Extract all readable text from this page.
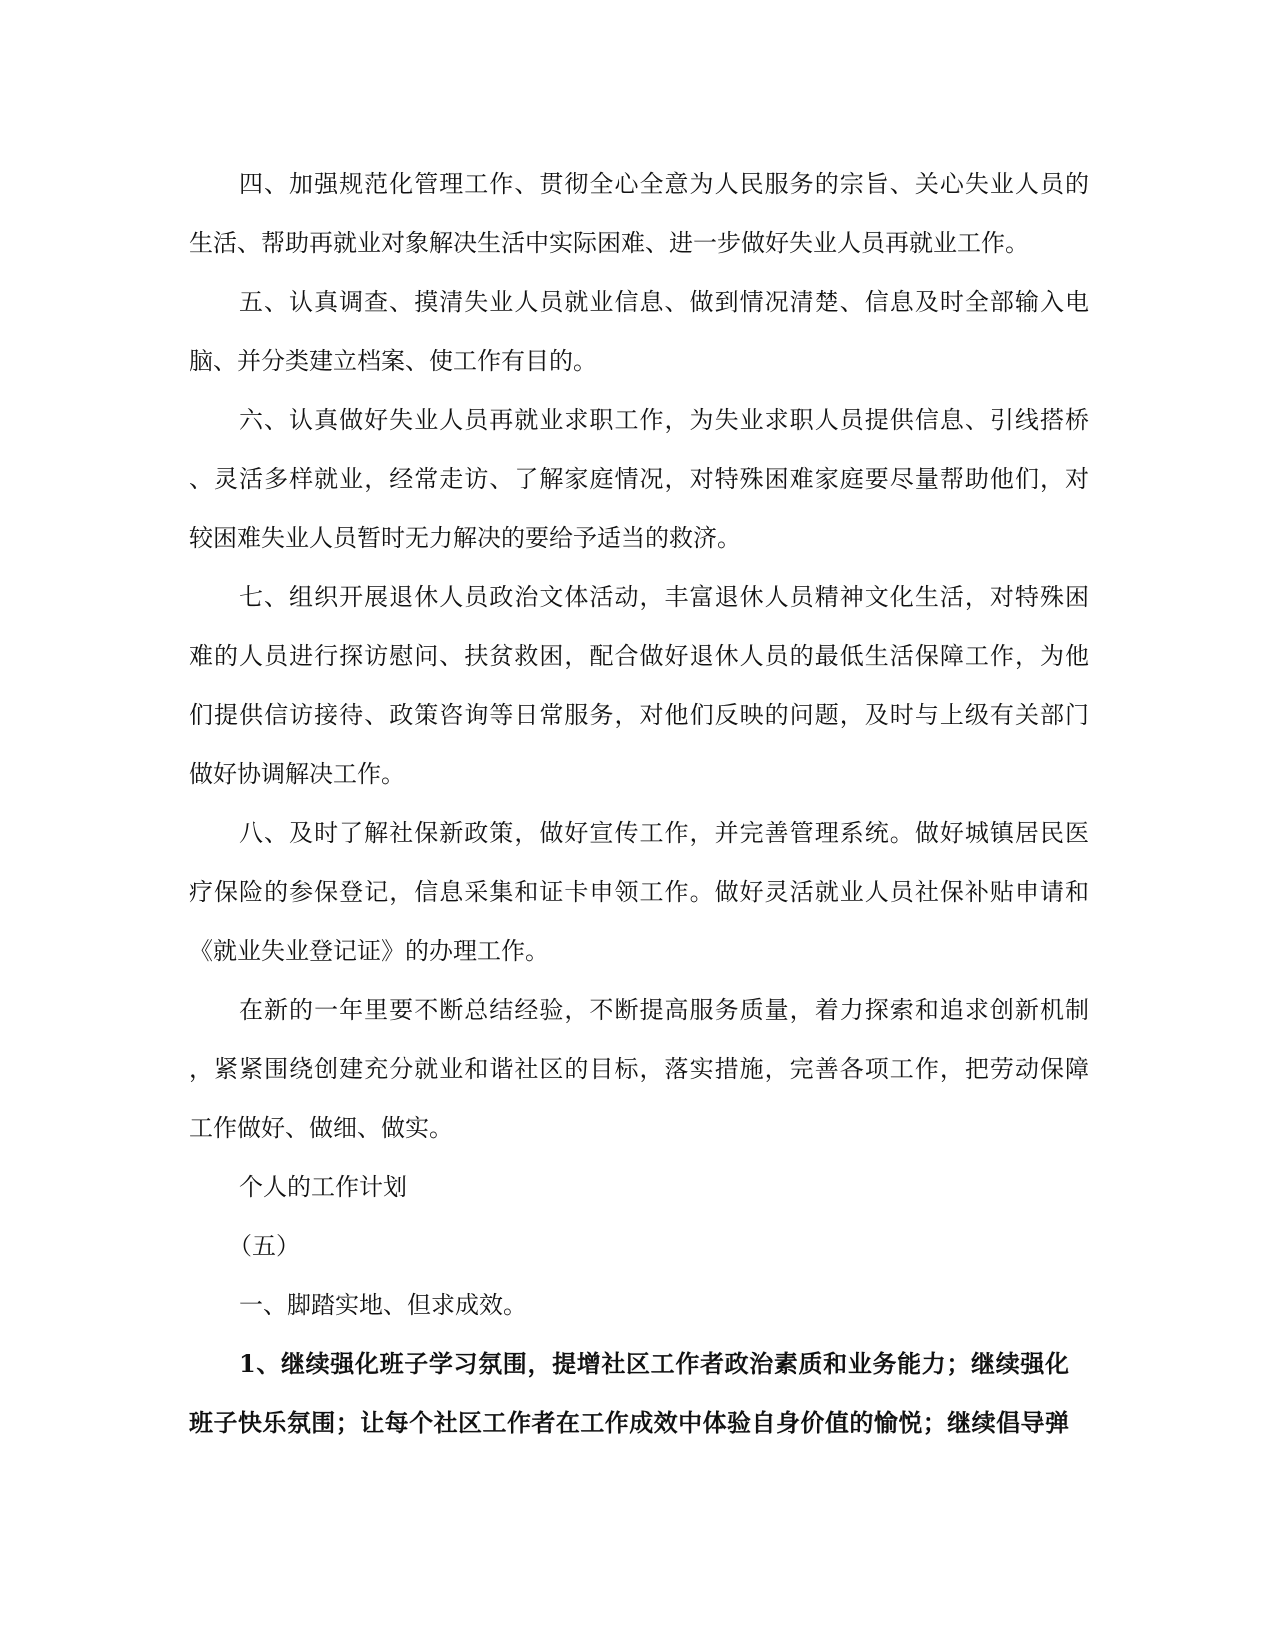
四、加强规范化管理工作、贯彻全心全意为人民服务的宗旨、关心失业人员的
生活、帮助再就业对象解决生活中实际困难、进一步做好失业人员再就业工作。
五、认真调查、摸清失业人员就业信息、做到情况清楚、信息及时全部输入电
脑、并分类建立档案、使工作有目的。
六、认真做好失业人员再就业求职工作，为失业求职人员提供信息、引线搭桥
、灵活多样就业，经常走访、了解家庭情况，对特殊困难家庭要尽量帮助他们，对
较困难失业人员暂时无力解决的要给予适当的救济。
七、组织开展退休人员政治文体活动，丰富退休人员精神文化生活，对特殊困
难的人员进行探访慰问、扶贫救困，配合做好退休人员的最低生活保障工作，为他
们提供信访接待、政策咨询等日常服务，对他们反映的问题，及时与上级有关部门
做好协调解决工作。
八、及时了解社保新政策，做好宣传工作，并完善管理系统。做好城镇居民医
疗保险的参保登记，信息采集和证卡申领工作。做好灵活就业人员社保补贴申请和
《就业失业登记证》的办理工作。
在新的一年里要不断总结经验，不断提高服务质量，着力探索和追求创新机制
，紧紧围绕创建充分就业和谐社区的目标，落实措施，完善各项工作，把劳动保障
工作做好、做细、做实。
个人的工作计划
（五）
一、脚踏实地、但求成效。
1、继续强化班子学习氛围，提增社区工作者政治素质和业务能力；继续强化
班子快乐氛围；让每个社区工作者在工作成效中体验自身价值的愉悦；继续倡导弹
